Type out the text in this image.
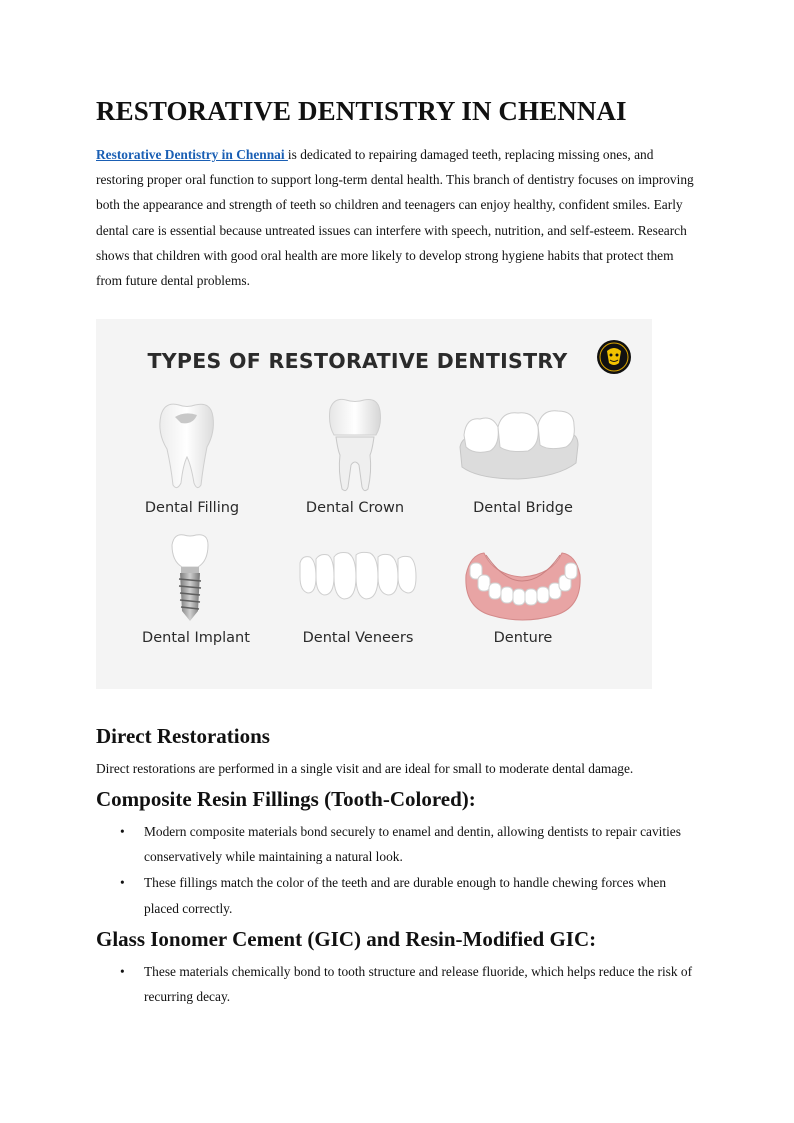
RESTORATIVE DENTISTRY IN CHENNAI

Restorative Dentistry in Chennai is dedicated to repairing damaged teeth, replacing missing ones, and restoring proper oral function to support long-term dental health. This branch of dentistry focuses on improving both the appearance and strength of teeth so children and teenagers can enjoy healthy, confident smiles. Early dental care is essential because untreated issues can interfere with speech, nutrition, and self-esteem. Research shows that children with good oral health are more likely to develop strong hygiene habits that protect them from future dental problems.

TYPES OF RESTORATIVE DENTISTRY
Dental Filling	Dental Crown	Dental Bridge
Dental Implant	Dental Veneers	Denture
Direct Restorations

Direct restorations are performed in a single visit and are ideal for small to moderate dental damage.

Composite Resin Fillings (Tooth-Colored):
• Modern composite materials bond securely to enamel and dentin, allowing dentists to repair cavities conservatively while maintaining a natural look.
• These fillings match the color of the teeth and are durable enough to handle chewing forces when placed correctly.
Glass Ionomer Cement (GIC) and Resin-Modified GIC:
• These materials chemically bond to tooth structure and release fluoride, which helps reduce the risk of recurring decay.
